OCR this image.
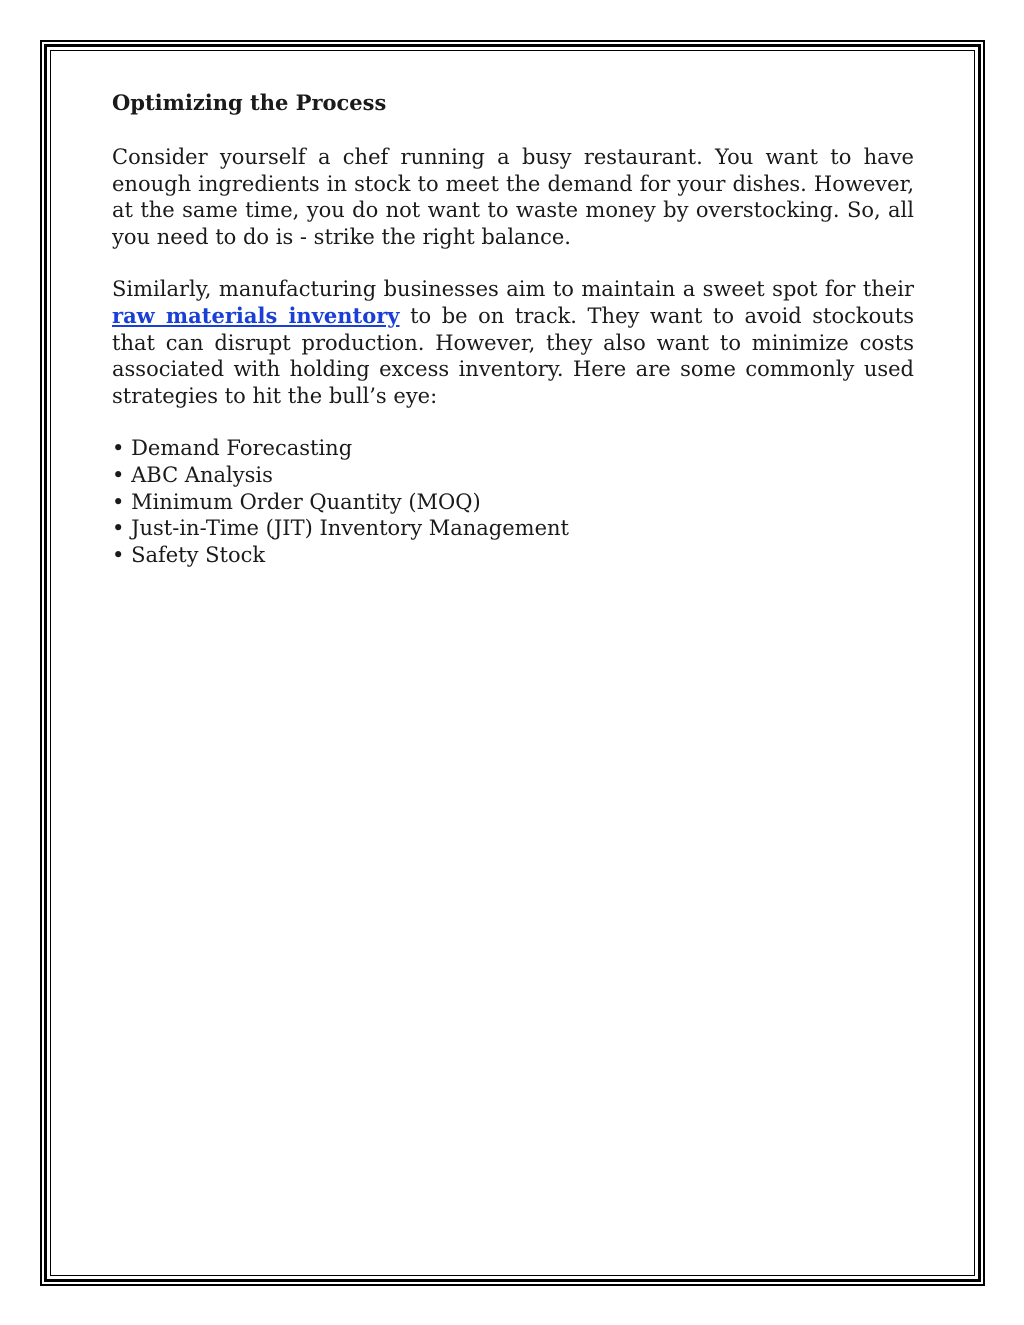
Optimizing the Process

Consider yourself a chef running a busy restaurant. You want to have enough ingredients in stock to meet the demand for your dishes. However, at the same time, you do not want to waste money by overstocking. So, all you need to do is - strike the right balance.

Similarly, manufacturing businesses aim to maintain a sweet spot for their raw materials inventory to be on track. They want to avoid stockouts that can disrupt production. However, they also want to minimize costs associated with holding excess inventory. Here are some commonly used strategies to hit the bull’s eye:

• Demand Forecasting
• ABC Analysis
• Minimum Order Quantity (MOQ)
• Just-in-Time (JIT) Inventory Management
• Safety Stock
